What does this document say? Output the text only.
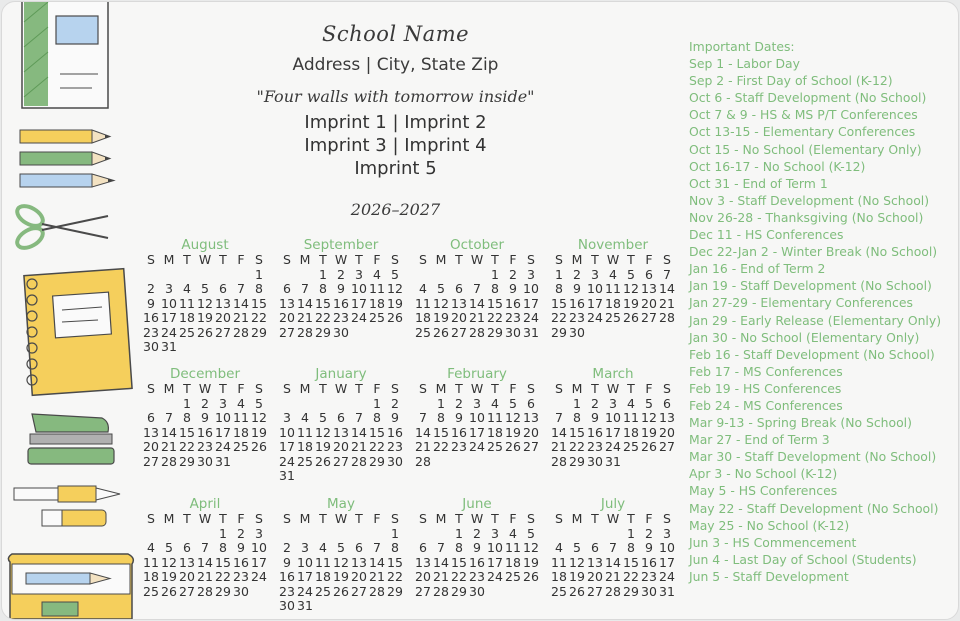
School Name
Address | City, State Zip
"Four walls with tomorrow inside"
Imprint 1 | Imprint 2
Imprint 3 | Imprint 4
Imprint 5
2026–2027
August
S M T W T F S
1
2 3 4 5 6 7 8
9 10 11 12 13 14 15
16 17 18 19 20 21 22
23 24 25 26 27 28 29
30 31
September
S M T W T F S
1 2 3 4 5
6 7 8 9 10 11 12
13 14 15 16 17 18 19
20 21 22 23 24 25 26
27 28 29 30
October
S M T W T F S
1 2 3
4 5 6 7 8 9 10
11 12 13 14 15 16 17
18 19 20 21 22 23 24
25 26 27 28 29 30 31
November
S M T W T F S
1 2 3 4 5 6 7
8 9 10 11 12 13 14
15 16 17 18 19 20 21
22 23 24 25 26 27 28
29 30
December
S M T W T F S
1 2 3 4 5
6 7 8 9 10 11 12
13 14 15 16 17 18 19
20 21 22 23 24 25 26
27 28 29 30 31
January
S M T W T F S
1 2
3 4 5 6 7 8 9
10 11 12 13 14 15 16
17 18 19 20 21 22 23
24 25 26 27 28 29 30
31
February
S M T W T F S
1 2 3 4 5 6
7 8 9 10 11 12 13
14 15 16 17 18 19 20
21 22 23 24 25 26 27
28
March
S M T W T F S
1 2 3 4 5 6
7 8 9 10 11 12 13
14 15 16 17 18 19 20
21 22 23 24 25 26 27
28 29 30 31
April
S M T W T F S
1 2 3
4 5 6 7 8 9 10
11 12 13 14 15 16 17
18 19 20 21 22 23 24
25 26 27 28 29 30
May
S M T W T F S
1
2 3 4 5 6 7 8
9 10 11 12 13 14 15
16 17 18 19 20 21 22
23 24 25 26 27 28 29
30 31
June
S M T W T F S
1 2 3 4 5
6 7 8 9 10 11 12
13 14 15 16 17 18 19
20 21 22 23 24 25 26
27 28 29 30
July
S M T W T F S
1 2 3
4 5 6 7 8 9 10
11 12 13 14 15 16 17
18 19 20 21 22 23 24
25 26 27 28 29 30 31
Important Dates:
Sep 1 - Labor Day
Sep 2 - First Day of School (K-12)
Oct 6 - Staff Development (No School)
Oct 7 & 9 - HS & MS P/T Conferences
Oct 13-15 - Elementary Conferences
Oct 15 - No School (Elementary Only)
Oct 16-17 - No School (K-12)
Oct 31 - End of Term 1
Nov 3 - Staff Development (No School)
Nov 26-28 - Thanksgiving (No School)
Dec 11 - HS Conferences
Dec 22-Jan 2 - Winter Break (No School)
Jan 16 - End of Term 2
Jan 19 - Staff Development (No School)
Jan 27-29 - Elementary Conferences
Jan 29 - Early Release (Elementary Only)
Jan 30 - No School (Elementary Only)
Feb 16 - Staff Development (No School)
Feb 17 - MS Conferences
Feb 19 - HS Conferences
Feb 24 - MS Conferences
Mar 9-13 - Spring Break (No School)
Mar 27 - End of Term 3
Mar 30 - Staff Development (No School)
Apr 3 - No School (K-12)
May 5 - HS Conferences
May 22 - Staff Development (No School)
May 25 - No School (K-12)
Jun 3 - HS Commencement
Jun 4 - Last Day of School (Students)
Jun 5 - Staff Development
